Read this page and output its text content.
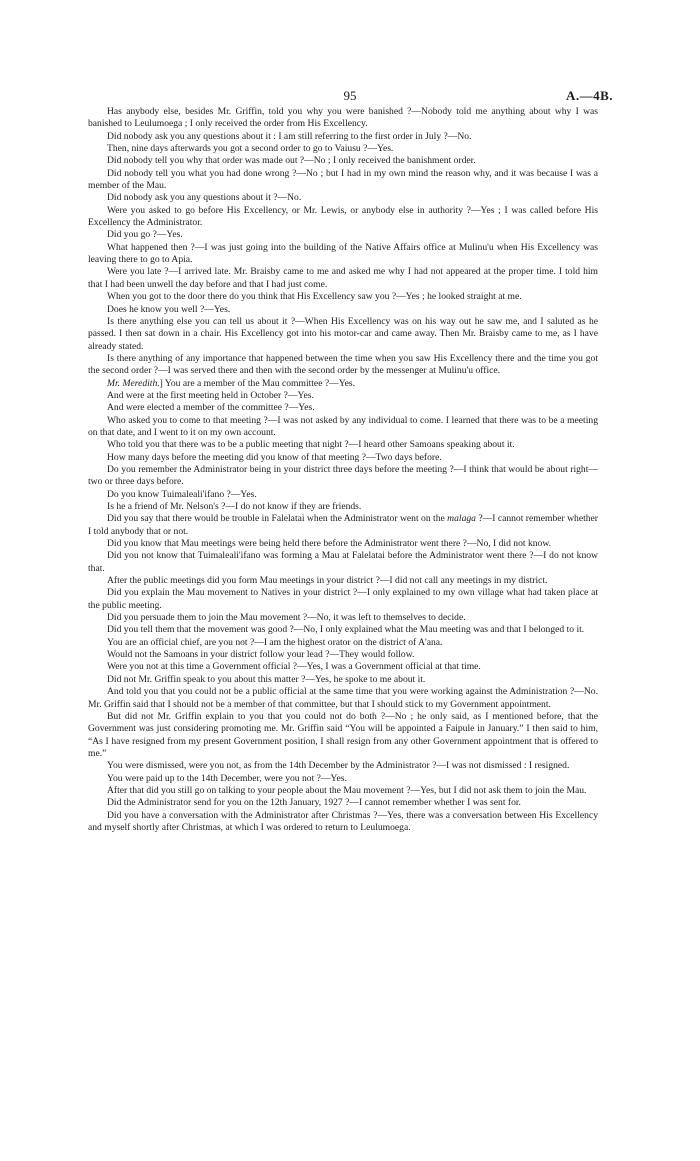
95	A.—4B.

Has anybody else, besides Mr. Griffin, told you why you were banished ?—Nobody told me anything about why I was banished to Leulumoega ; I only received the order from His Excellency.

Did nobody ask you any questions about it : I am still referring to the first order in July ?—No.

Then, nine days afterwards you got a second order to go to Vaiusu ?—Yes.

Did nobody tell you why that order was made out ?—No ; I only received the banishment order.

Did nobody tell you what you had done wrong ?—No ; but I had in my own mind the reason why, and it was because I was a member of the Mau.

Did nobody ask you any questions about it ?—No.

Were you asked to go before His Excellency, or Mr. Lewis, or anybody else in authority ?—Yes ; I was called before His Excellency the Administrator.

Did you go ?—Yes.

What happened then ?—I was just going into the building of the Native Affairs office at Mulinu'u when His Excellency was leaving there to go to Apia.

Were you late ?—I arrived late. Mr. Braisby came to me and asked me why I had not appeared at the proper time. I told him that I had been unwell the day before and that I had just come.

When you got to the door there do you think that His Excellency saw you ?—Yes ; he looked straight at me.

Does he know you well ?—Yes.

Is there anything else you can tell us about it ?—When His Excellency was on his way out he saw me, and I saluted as he passed. I then sat down in a chair. His Excellency got into his motor-car and came away. Then Mr. Braisby came to me, as I have already stated.

Is there anything of any importance that happened between the time when you saw His Excellency there and the time you got the second order ?—I was served there and then with the second order by the messenger at Mulinu'u office.

Mr. Meredith.] You are a member of the Mau committee ?—Yes.

And were at the first meeting held in October ?—Yes.

And were elected a member of the committee ?—Yes.

Who asked you to come to that meeting ?—I was not asked by any individual to come. I learned that there was to be a meeting on that date, and I went to it on my own account.

Who told you that there was to be a public meeting that night ?—I heard other Samoans speaking about it.

How many days before the meeting did you know of that meeting ?—Two days before.

Do you remember the Administrator being in your district three days before the meeting ?—I think that would be about right—two or three days before.

Do you know Tuimaleali'ifano ?—Yes.

Is he a friend of Mr. Nelson's ?—I do not know if they are friends.

Did you say that there would be trouble in Falelatai when the Administrator went on the malaga ?—I cannot remember whether I told anybody that or not.

Did you know that Mau meetings were being held there before the Administrator went there ?—No, I did not know.

Did you not know that Tuimaleali'ifano was forming a Mau at Falelatai before the Administrator went there ?—I do not know that.

After the public meetings did you form Mau meetings in your district ?—I did not call any meetings in my district.

Did you explain the Mau movement to Natives in your district ?—I only explained to my own village what had taken place at the public meeting.

Did you persuade them to join the Mau movement ?—No, it was left to themselves to decide.

Did you tell them that the movement was good ?—No, I only explained what the Mau meeting was and that I belonged to it.

You are an official chief, are you not ?—I am the highest orator on the district of A'ana.

Would not the Samoans in your district follow your lead ?—They would follow.

Were you not at this time a Government official ?—Yes, I was a Government official at that time.

Did not Mr. Griffin speak to you about this matter ?—Yes, he spoke to me about it.

And told you that you could not be a public official at the same time that you were working against the Administration ?—No. Mr. Griffin said that I should not be a member of that committee, but that I should stick to my Government appointment.

But did not Mr. Griffin explain to you that you could not do both ?—No ; he only said, as I mentioned before, that the Government was just considering promoting me. Mr. Griffin said “You will be appointed a Faipule in January.” I then said to him, “As I have resigned from my present Government position, I shall resign from any other Government appointment that is offered to me.”

You were dismissed, were you not, as from the 14th December by the Administrator ?—I was not dismissed : I resigned.

You were paid up to the 14th December, were you not ?—Yes.

After that did you still go on talking to your people about the Mau movement ?—Yes, but I did not ask them to join the Mau.

Did the Administrator send for you on the 12th January, 1927 ?—I cannot remember whether I was sent for.

Did you have a conversation with the Administrator after Christmas ?—Yes, there was a conversation between His Excellency and myself shortly after Christmas, at which I was ordered to return to Leulumoega.
